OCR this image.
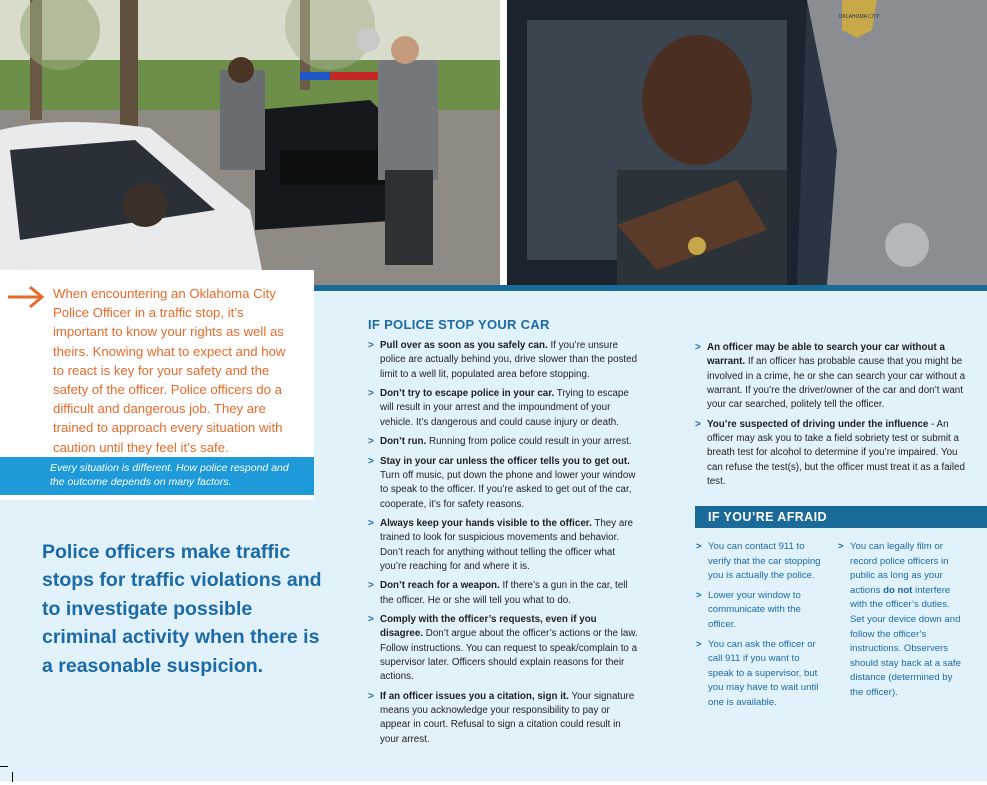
OKLAHOMA CITY
When encountering an Oklahoma City Police Officer in a traffic stop, it’s important to know your rights as well as theirs. Knowing what to expect and how to react is key for your safety and the safety of the officer. Police officers do a difficult and dangerous job. They are trained to approach every situation with caution until they feel it’s safe.
Every situation is different. How police respond and the outcome depends on many factors.
Police officers make traffic stops for traffic violations and to investigate possible criminal activity when there is a reasonable suspicion.
IF POLICE STOP YOUR CAR
> Pull over as soon as you safely can. If you’re unsure police are actually behind you, drive slower than the posted limit to a well lit, populated area before stopping.
> Don’t try to escape police in your car. Trying to escape will result in your arrest and the impoundment of your vehicle. It’s dangerous and could cause injury or death.
> Don’t run. Running from police could result in your arrest.
> Stay in your car unless the officer tells you to get out. Turn off music, put down the phone and lower your window to speak to the officer. If you’re asked to get out of the car, cooperate, it’s for safety reasons.
> Always keep your hands visible to the officer. They are trained to look for suspicious movements and behavior. Don’t reach for anything without telling the officer what you’re reaching for and where it is.
> Don’t reach for a weapon. If there’s a gun in the car, tell the officer. He or she will tell you what to do.
> Comply with the officer’s requests, even if you disagree. Don’t argue about the officer’s actions or the law. Follow instructions. You can request to speak/complain to a supervisor later. Officers should explain reasons for their actions.
> If an officer issues you a citation, sign it. Your signature means you acknowledge your responsibility to pay or appear in court. Refusal to sign a citation could result in your arrest.
> An officer may be able to search your car without a warrant. If an officer has probable cause that you might be involved in a crime, he or she can search your car without a warrant. If you’re the driver/owner of the car and don’t want your car searched, politely tell the officer.
> You’re suspected of driving under the influence - An officer may ask you to take a field sobriety test or submit a breath test for alcohol to determine if you’re impaired. You can refuse the test(s), but the officer must treat it as a failed test.
IF YOU’RE AFRAID
> You can contact 911 to verify that the car stopping you is actually the police.
> Lower your window to communicate with the officer.
> You can ask the officer or call 911 if you want to speak to a supervisor, but you may have to wait until one is available.
> You can legally film or record police officers in public as long as your actions do not interfere with the officer’s duties. Set your device down and follow the officer’s instructions. Observers should stay back at a safe distance (determined by the officer).
